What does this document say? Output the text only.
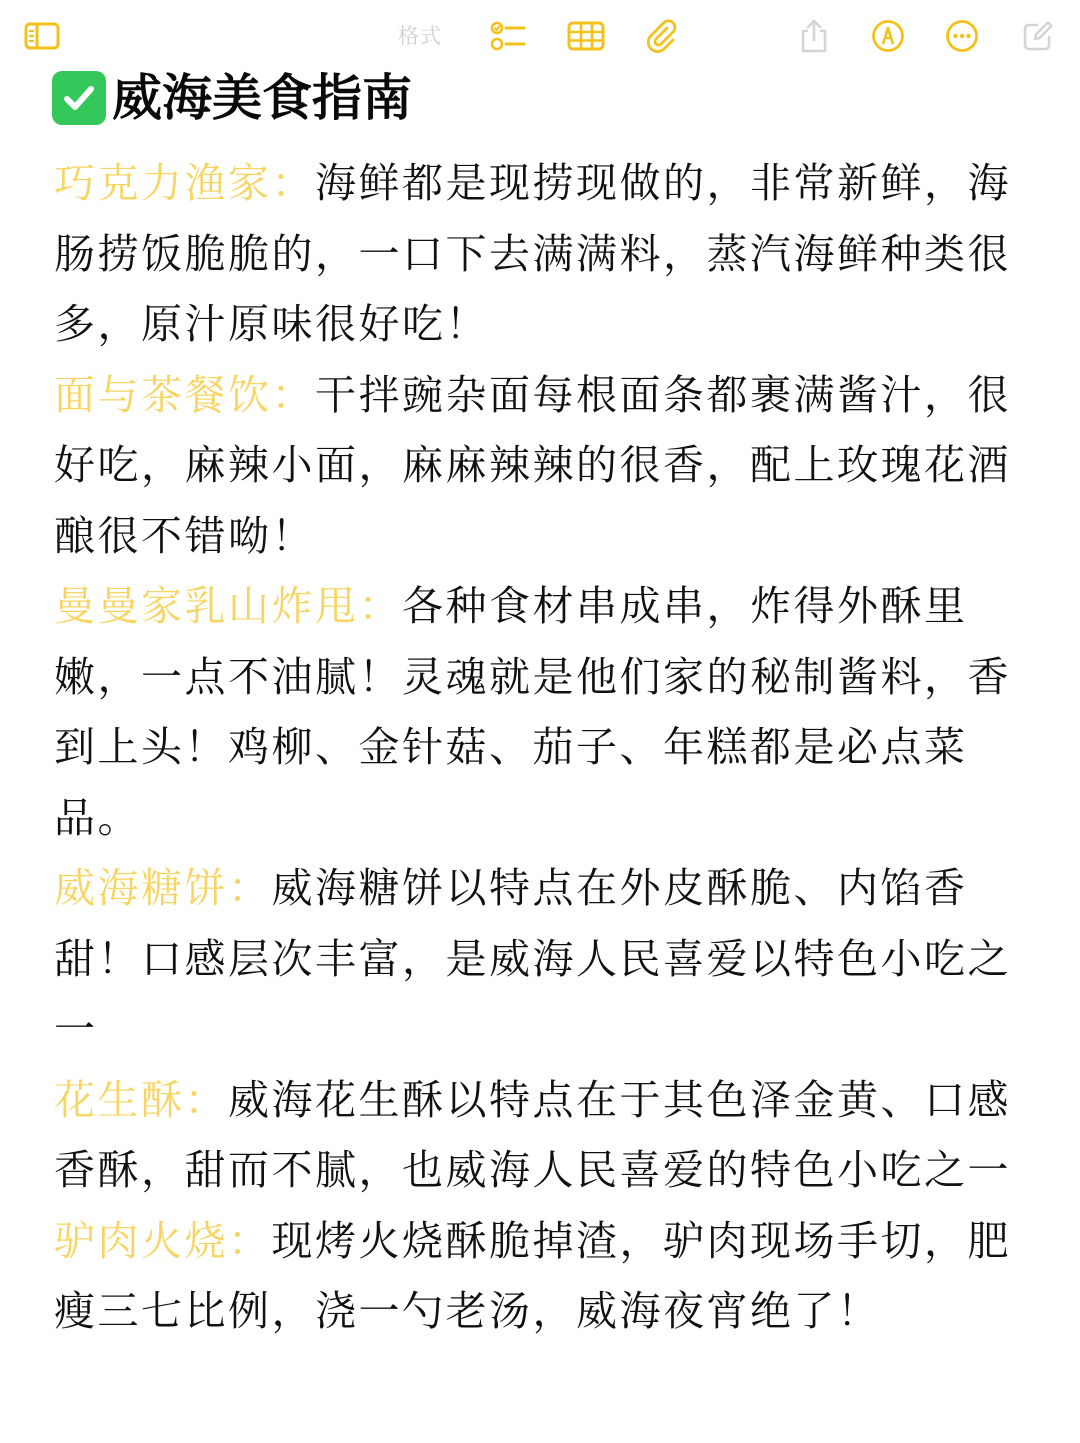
格式
威海美食指南

巧克力渔家：海鲜都是现捞现做的，非常新鲜，海肠捞饭脆脆的，一口下去满满料，蒸汽海鲜种类很多，原汁原味很好吃！

面与茶餐饮：干拌豌杂面每根面条都裹满酱汁，很好吃，麻辣小面，麻麻辣辣的很香，配上玫瑰花酒酿很不错呦！

曼曼家乳山炸甩：各种食材串成串，炸得外酥里嫩，一点不油腻！灵魂就是他们家的秘制酱料，香到上头！鸡柳、金针菇、茄子、年糕都是必点菜品。

威海糖饼：威海糖饼以特点在外皮酥脆、内馅香甜！口感层次丰富，是威海人民喜爱以特色小吃之一

花生酥：威海花生酥以特点在于其色泽金黄、口感香酥，甜而不腻，也威海人民喜爱的特色小吃之一

驴肉火烧：现烤火烧酥脆掉渣，驴肉现场手切，肥瘦三七比例，浇一勺老汤，威海夜宵绝了！
